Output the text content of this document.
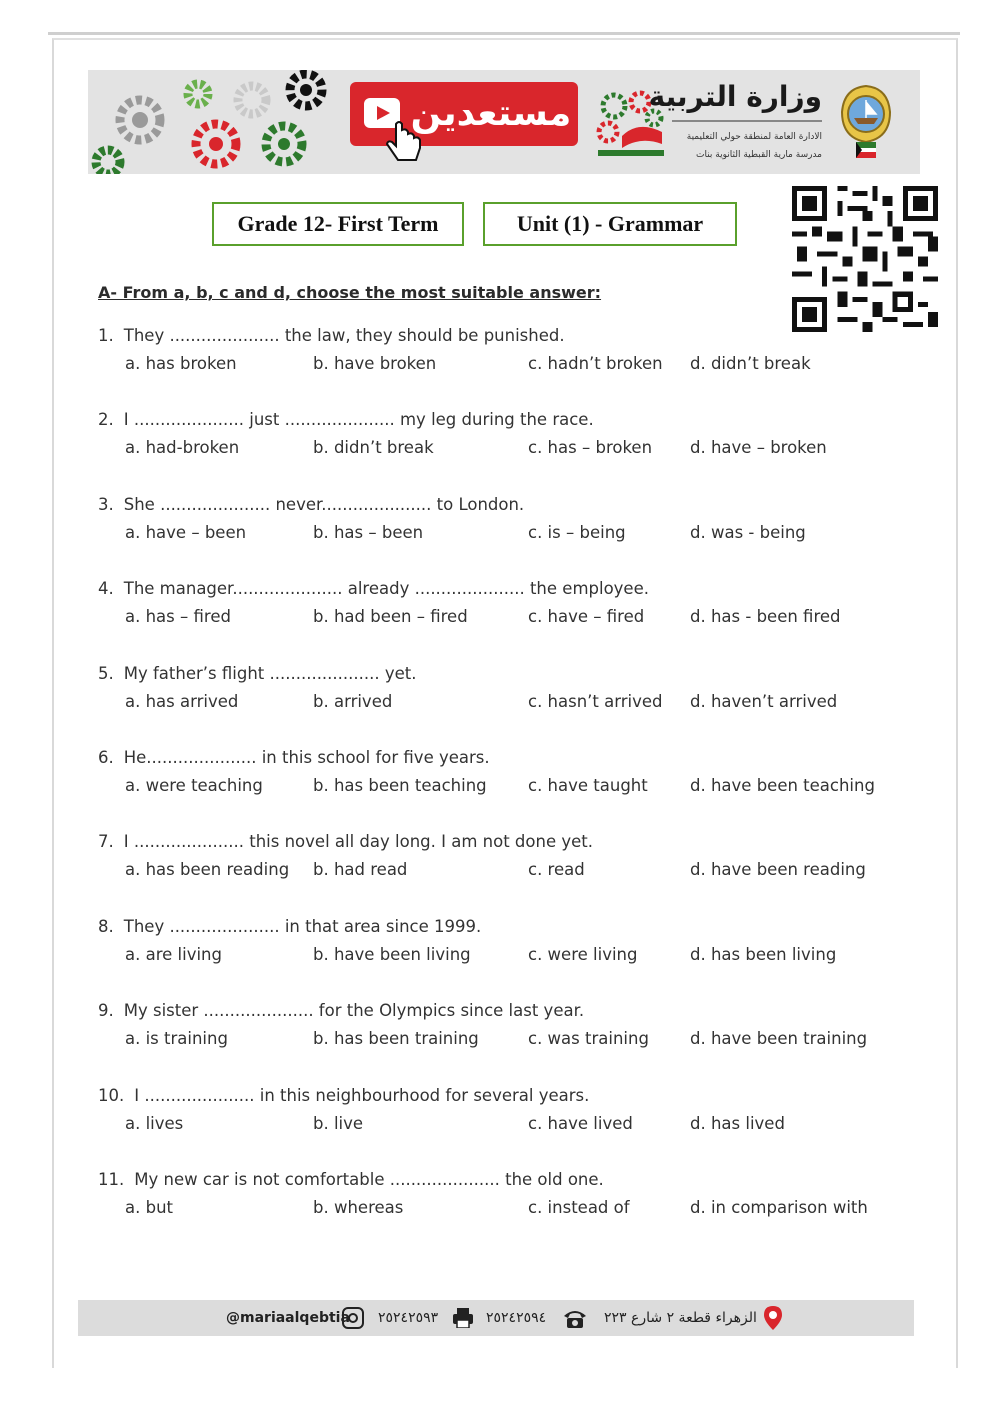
مستعدين	وزارة التربية
الادارة العامة لمنطقة حولي التعليمية
مدرسة مارية القبطية الثانوية بنات
Grade 12- First Term	Unit (1) - Grammar
A- From a, b, c and d, choose the most suitable answer:
1. They ..................... the law, they should be punished.
a. has broken	b. have broken	c. hadn’t broken d. didn’t break
2. I ..................... just ..................... my leg during the race.
a. had-broken	b. didn’t break	c. has – broken d. have – broken
3. She ..................... never..................... to London.
a. have – been	b. has – been	c. is – being	d. was - being
4. The manager..................... already ..................... the employee.
a. has – fired	b. had been – fired	c. have – fired	d. has - been fired
5. My father’s flight ..................... yet.
a. has arrived	b. arrived	c. hasn’t arrived d. haven’t arrived
6. He..................... in this school for five years.
a. were teaching	b. has been teaching	c. have taught	d. have been teaching
7. I ..................... this novel all day long. I am not done yet.
a. has been reading b. had read	c. read	d. have been reading
8. They ..................... in that area since 1999.
a. are living	b. have been living	c. were living	d. has been living
9. My sister ..................... for the Olympics since last year.
a. is training	b. has been training	c. was training d. have been training
10. I ..................... in this neighbourhood for several years.
a. lives	b. live	c. have lived	d. has lived
11. My new car is not comfortable ..................... the old one.
a. but	b. whereas	c. instead of	d. in comparison with
@mariaalqebtia ٢٥٢٤٢٥٩٣	٢٥٢٤٢٥٩٤	الزهراء قطعة ٢ شارع ٢٢٣
